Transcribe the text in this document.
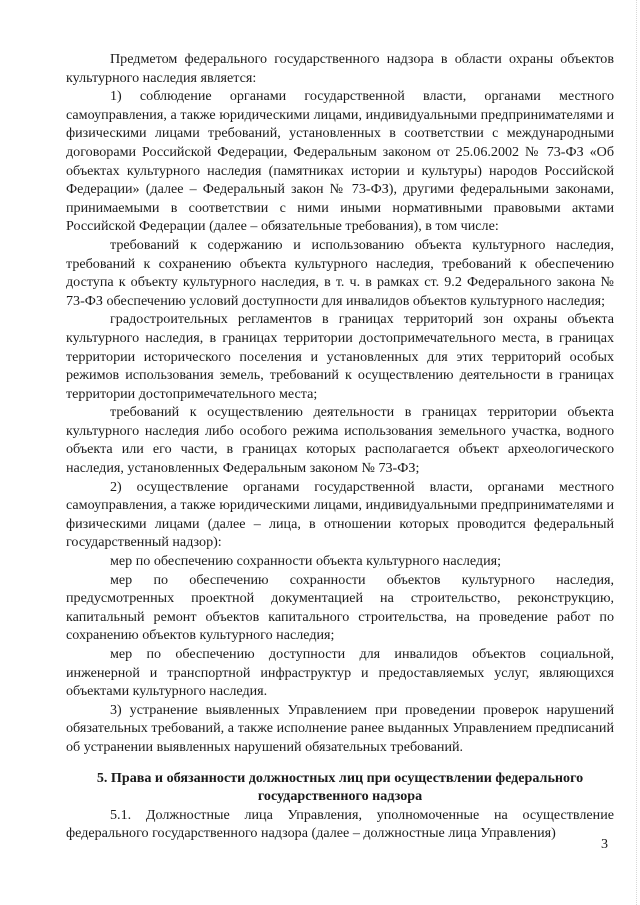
Предметом федерального государственного надзора в области охраны объектов культурного наследия является:

1) соблюдение органами государственной власти, органами местного самоуправления, а также юридическими лицами, индивидуальными предпринимателями и физическими лицами требований, установленных в соответствии с международными договорами Российской Федерации, Федеральным законом от 25.06.2002 № 73-ФЗ «Об объектах культурного наследия (памятниках истории и культуры) народов Российской Федерации» (далее – Федеральный закон № 73-ФЗ), другими федеральными законами, принимаемыми в соответствии с ними иными нормативными правовыми актами Российской Федерации (далее – обязательные требования), в том числе:

требований к содержанию и использованию объекта культурного наследия, требований к сохранению объекта культурного наследия, требований к обеспечению доступа к объекту культурного наследия, в т. ч. в рамках ст. 9.2 Федерального закона № 73-ФЗ обеспечению условий доступности для инвалидов объектов культурного наследия;

градостроительных регламентов в границах территорий зон охраны объекта культурного наследия, в границах территории достопримечательного места, в границах территории исторического поселения и установленных для этих территорий особых режимов использования земель, требований к осуществлению деятельности в границах территории достопримечательного места;

требований к осуществлению деятельности в границах территории объекта культурного наследия либо особого режима использования земельного участка, водного объекта или его части, в границах которых располагается объект археологического наследия, установленных Федеральным законом № 73-ФЗ;

2) осуществление органами государственной власти, органами местного самоуправления, а также юридическими лицами, индивидуальными предпринимателями и физическими лицами (далее – лица, в отношении которых проводится федеральный государственный надзор):

мер по обеспечению сохранности объекта культурного наследия;

мер по обеспечению сохранности объектов культурного наследия, предусмотренных проектной документацией на строительство, реконструкцию, капитальный ремонт объектов капитального строительства, на проведение работ по сохранению объектов культурного наследия;

мер по обеспечению доступности для инвалидов объектов социальной, инженерной и транспортной инфраструктур и предоставляемых услуг, являющихся объектами культурного наследия.

3) устранение выявленных Управлением при проведении проверок нарушений обязательных требований, а также исполнение ранее выданных Управлением предписаний об устранении выявленных нарушений обязательных требований.

5. Права и обязанности должностных лиц при осуществлении федерального государственного надзора

5.1. Должностные лица Управления, уполномоченные на осуществление федерального государственного надзора (далее – должностные лица Управления)

3
